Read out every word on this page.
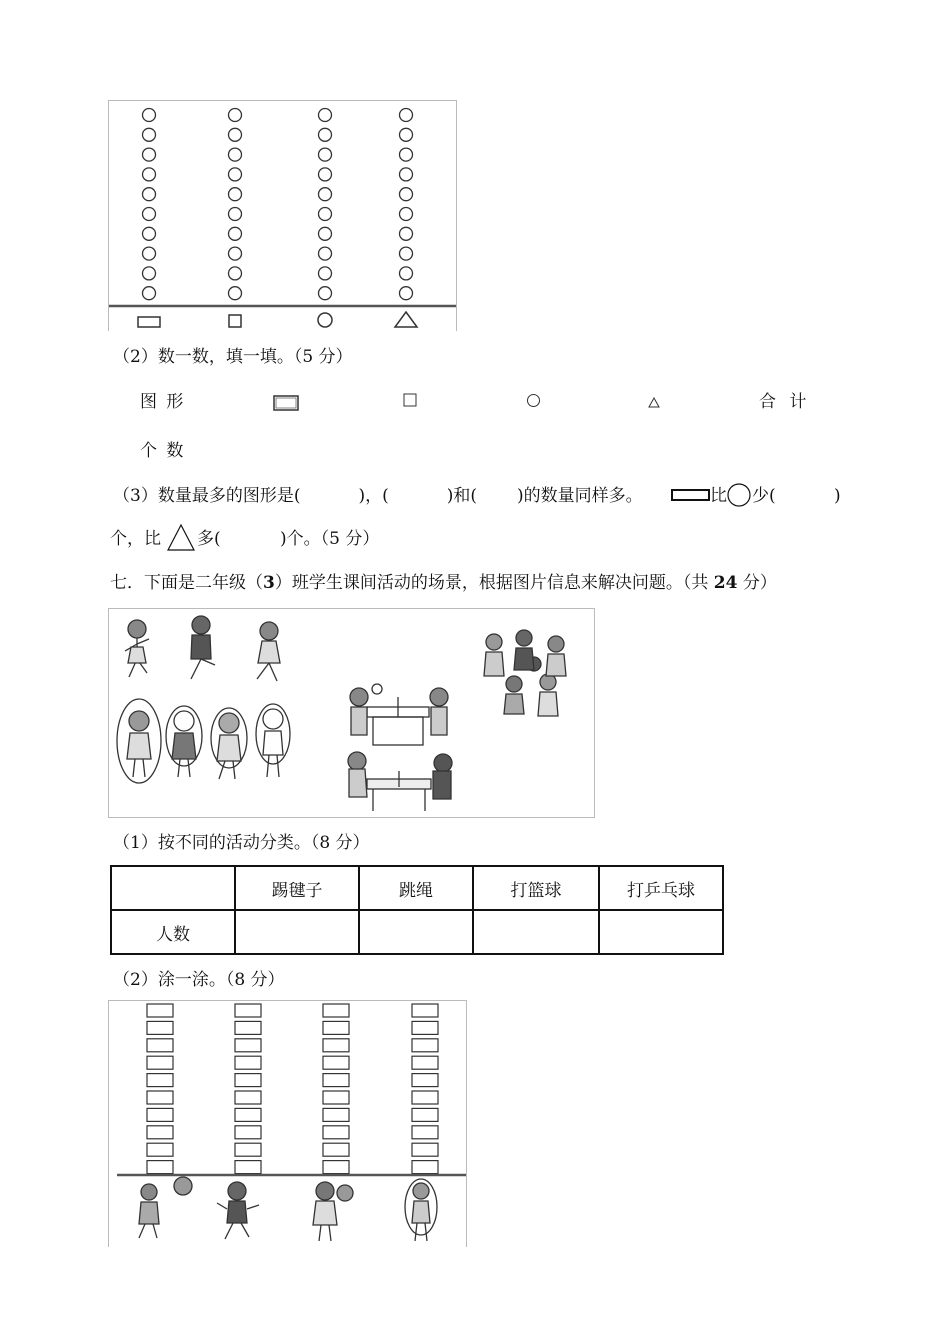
（2）数一数，填一填。（5 分）
图 形	合 计
个 数
（3）数量最多的图形是(	)，(	)和( )的数量同样多。	比 少(	)
个，比 多(	)个。（5 分）
七．下面是二年级（3）班学生课间活动的场景，根据图片信息来解决问题。（共 24 分）
（1）按不同的活动分类。（8 分）
	踢毽子	跳绳	打篮球	打乒乓球
人数				
（2）涂一涂。（8 分）
